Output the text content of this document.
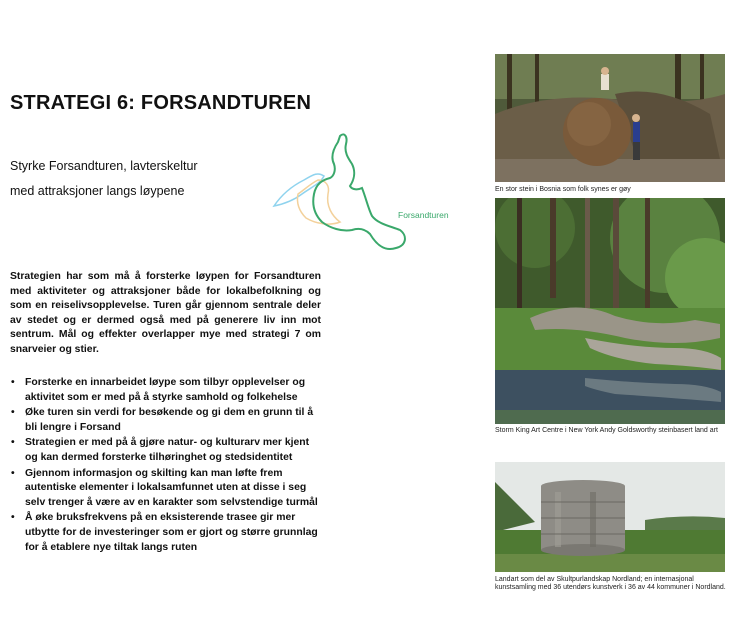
STRATEGI 6: FORSANDTUREN
Styrke Forsandturen, lavterskeltur
med attraksjoner langs løypene
Forsandturen
Strategien har som må å forsterke løypen for Forsandturen med aktiviteter og attraksjoner både for lokalbefolkning og som en reiselivsopplevelse. Turen går gjennom sentrale deler av stedet og er dermed også med på generere liv inn mot sentrum. Mål og effekter overlapper mye med strategi 7 om snarveier og stier.
• Forsterke en innarbeidet løype som tilbyr opplevelser og aktivitet som er med på å styrke samhold og folkehelse
• Øke turen sin verdi for besøkende og gi dem en grunn til å bli lengre i Forsand
• Strategien er med på å gjøre natur- og kulturarv mer kjent og kan dermed forsterke tilhøringhet og stedsidentitet
• Gjennom informasjon og skilting kan man løfte frem autentiske elementer i lokalsamfunnet uten at disse i seg selv trenger å være av en karakter som selvstendige turmål
• Å øke bruksfrekvens på en eksisterende trasee gir mer utbytte for de investeringer som er gjort og større grunnlag for å etablere nye tiltak langs ruten
En stor stein i Bosnia som folk synes er gøy
Storm King Art Centre i New York Andy Goldsworthy steinbasert land art
Landart som del av Skultpurlandskap Nordland; en internasjonal kunstsamling med 36 utendørs kunstverk i 36 av 44 kommuner i Nordland.
